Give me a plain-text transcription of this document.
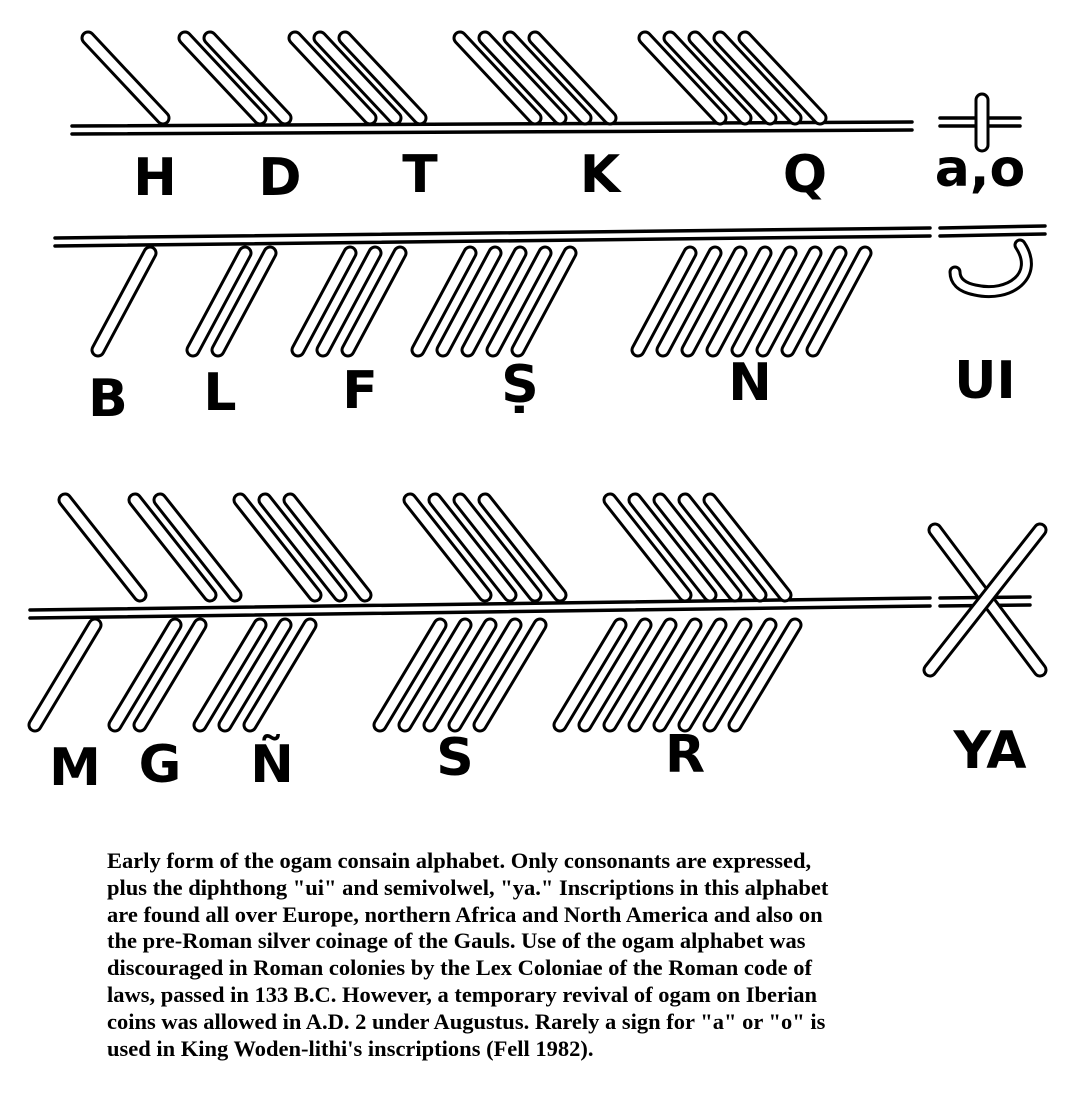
H D T	K	Q a,o
B L F Ṣ	N	UI
M G Ñ	S	R	YA
Early form of the ogam consain alphabet. Only consonants are expressed,
plus the diphthong "ui" and semivolwel, "ya." Inscriptions in this alphabet
are found all over Europe, northern Africa and North America and also on
the pre-Roman silver coinage of the Gauls. Use of the ogam alphabet was
discouraged in Roman colonies by the Lex Coloniae of the Roman code of
laws, passed in 133 B.C. However, a temporary revival of ogam on Iberian
coins was allowed in A.D. 2 under Augustus. Rarely a sign for "a" or "o" is
used in King Woden-lithi's inscriptions (Fell 1982).
